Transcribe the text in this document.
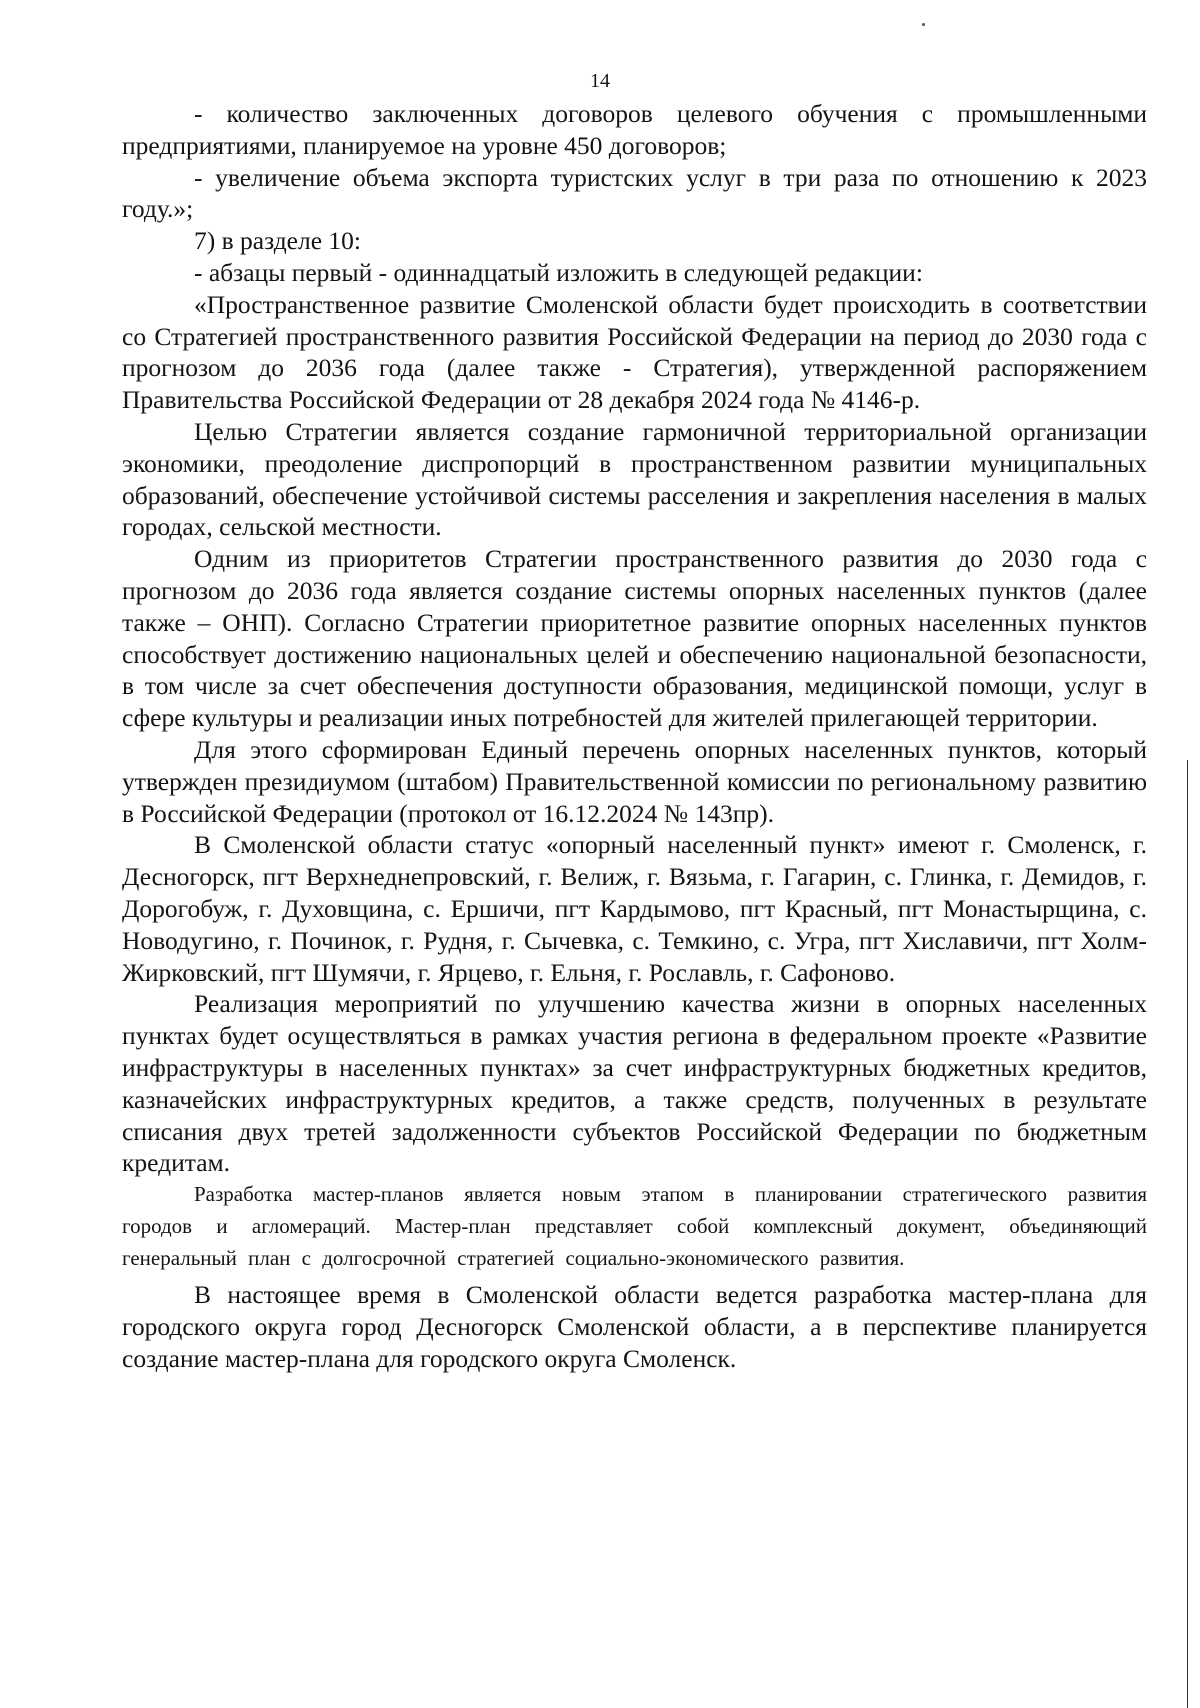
14

- количество заключенных договоров целевого обучения с промышленными предприятиями, планируемое на уровне 450 договоров;

- увеличение объема экспорта туристских услуг в три раза по отношению к 2023 году.»;

7) в разделе 10:

- абзацы первый - одиннадцатый изложить в следующей редакции:

«Пространственное развитие Смоленской области будет происходить в соответствии со Стратегией пространственного развития Российской Федерации на период до 2030 года с прогнозом до 2036 года (далее также - Стратегия), утвержденной распоряжением Правительства Российской Федерации от 28 декабря 2024 года № 4146-р.

Целью Стратегии является создание гармоничной территориальной организации экономики, преодоление диспропорций в пространственном развитии муниципальных образований, обеспечение устойчивой системы расселения и закрепления населения в малых городах, сельской местности.

Одним из приоритетов Стратегии пространственного развития до 2030 года с прогнозом до 2036 года является создание системы опорных населенных пунктов (далее также – ОНП). Согласно Стратегии приоритетное развитие опорных населенных пунктов способствует достижению национальных целей и обеспечению национальной безопасности, в том числе за счет обеспечения доступности образования, медицинской помощи, услуг в сфере культуры и реализации иных потребностей для жителей прилегающей территории.

Для этого сформирован Единый перечень опорных населенных пунктов, который утвержден президиумом (штабом) Правительственной комиссии по региональному развитию в Российской Федерации (протокол от 16.12.2024 № 143пр).

В Смоленской области статус «опорный населенный пункт» имеют г. Смоленск, г. Десногорск, пгт Верхнеднепровский, г. Велиж, г. Вязьма, г. Гагарин, с. Глинка, г. Демидов, г. Дорогобуж, г. Духовщина, с. Ершичи, пгт Кардымово, пгт Красный, пгт Монастырщина, с. Новодугино, г. Починок, г. Рудня, г. Сычевка, с. Темкино, с. Угра, пгт Хиславичи, пгт Холм-Жирковский, пгт Шумячи, г. Ярцево, г. Ельня, г. Рославль, г. Сафоново.

Реализация мероприятий по улучшению качества жизни в опорных населенных пунктах будет осуществляться в рамках участия региона в федеральном проекте «Развитие инфраструктуры в населенных пунктах» за счет инфраструктурных бюджетных кредитов, казначейских инфраструктурных кредитов, а также средств, полученных в результате списания двух третей задолженности субъектов Российской Федерации по бюджетным кредитам.

Разработка мастер-планов является новым этапом в планировании стратегического развития городов и агломераций. Мастер-план представляет собой комплексный документ, объединяющий генеральный план с долгосрочной стратегией социально-экономического развития.

В настоящее время в Смоленской области ведется разработка мастер-плана для городского округа город Десногорск Смоленской области, а в перспективе планируется создание мастер-плана для городского округа Смоленск.
